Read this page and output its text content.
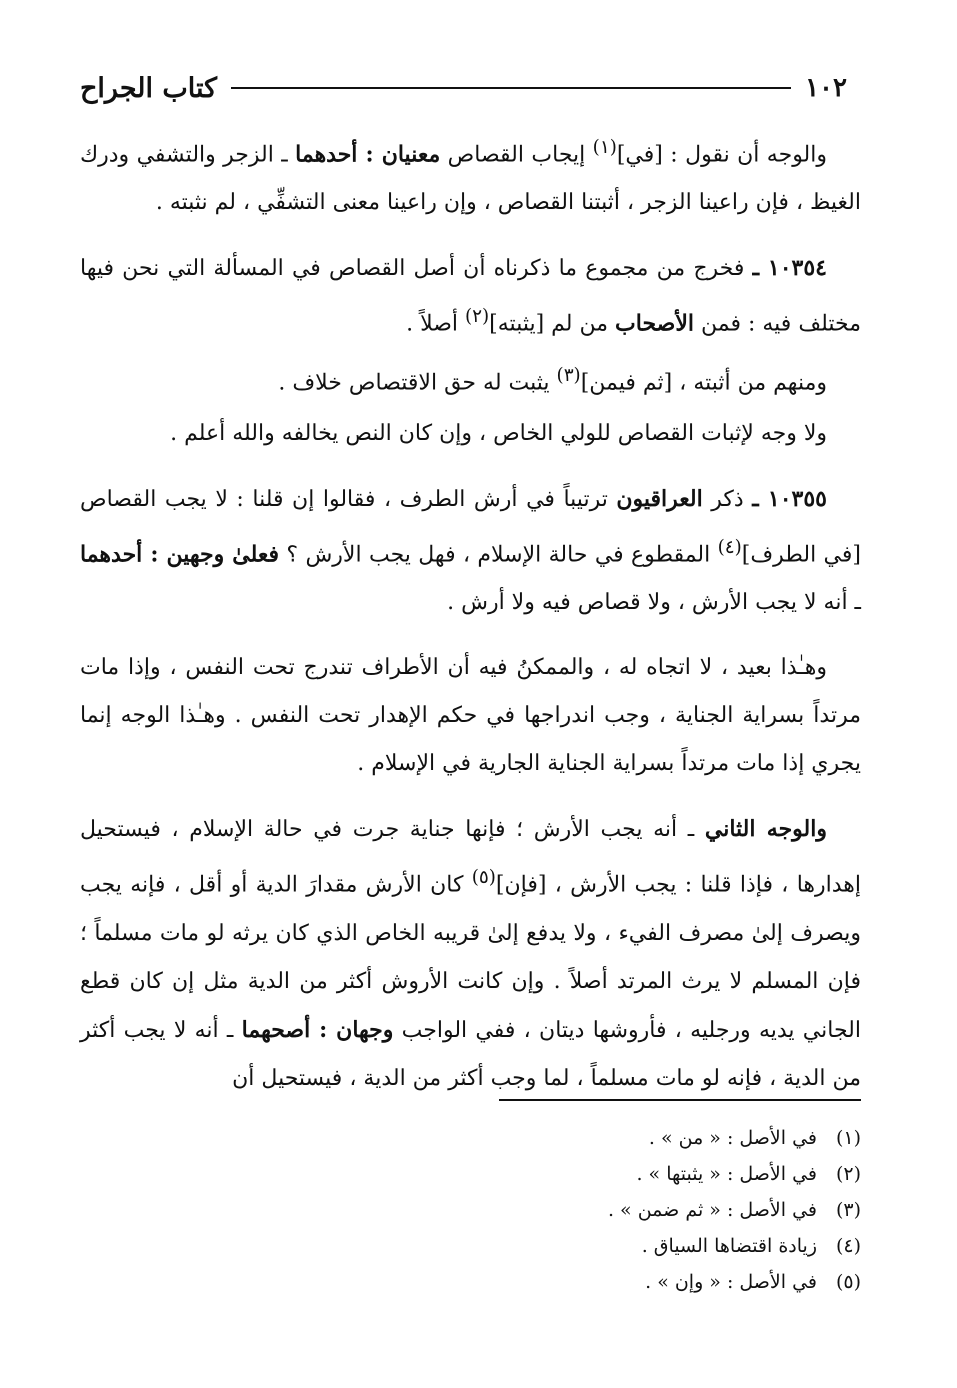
١٠٢
كتاب الجراح

والوجه أن نقول : [في]$^{(١)}$ إيجاب القصاص معنيان : أحدهما ـ الزجر والتشفي ودرك الغيظ ، فإن راعينا الزجر ، أثبتنا القصاص ، وإن راعينا معنى التشفِّي ، لم نثبته .

١٠٣٥٤ ـ فخرج من مجموع ما ذكرناه أن أصل القصاص في المسألة التي نحن فيها مختلف فيه : فمن الأصحاب من لم [يثبته]$^{(٢)}$ أصلاً .

ومنهم من أثبته ، [ثم فيمن]$^{(٣)}$ يثبت له حق الاقتصاص خلاف .

ولا وجه لإثبات القصاص للولي الخاص ، وإن كان النص يخالفه والله أعلم .

١٠٣٥٥ ـ ذكر العراقيون ترتيباً في أرش الطرف ، فقالوا إن قلنا : لا يجب القصاص [في الطرف]$^{(٤)}$ المقطوع في حالة الإسلام ، فهل يجب الأرش ؟ فعلىٰ وجهين : أحدهما ـ أنه لا يجب الأرش ، ولا قصاص فيه ولا أرش .

وهـٰذا بعيد ، لا اتجاه له ، والممكنُ فيه أن الأطراف تندرج تحت النفس ، وإذا مات مرتداً بسراية الجناية ، وجب اندراجها في حكم الإهدار تحت النفس . وهـٰذا الوجه إنما يجري إذا مات مرتداً بسراية الجناية الجارية في الإسلام .

والوجه الثاني ـ أنه يجب الأرش ؛ فإنها جناية جرت في حالة الإسلام ، فيستحيل إهدارها ، فإذا قلنا : يجب الأرش ، [فإن]$^{(٥)}$ كان الأرش مقدارَ الدية أو أقل ، فإنه يجب ويصرف إلىٰ مصرف الفيء ، ولا يدفع إلىٰ قريبه الخاص الذي كان يرثه لو مات مسلماً ؛ فإن المسلم لا يرث المرتد أصلاً . وإن كانت الأروش أكثر من الدية مثل إن كان قطع الجاني يديه ورجليه ، فأروشها ديتان ، ففي الواجب وجهان : أصحهما ـ أنه لا يجب أكثر من الدية ، فإنه لو مات مسلماً ، لما وجب أكثر من الدية ، فيستحيل أن

(١)
في الأصل : « من » .
(٢)
في الأصل : « يثبتها » .
(٣)
في الأصل : « ثم ضمن » .
(٤)
زيادة اقتضاها السياق .
(٥)
في الأصل : « وإن » .
